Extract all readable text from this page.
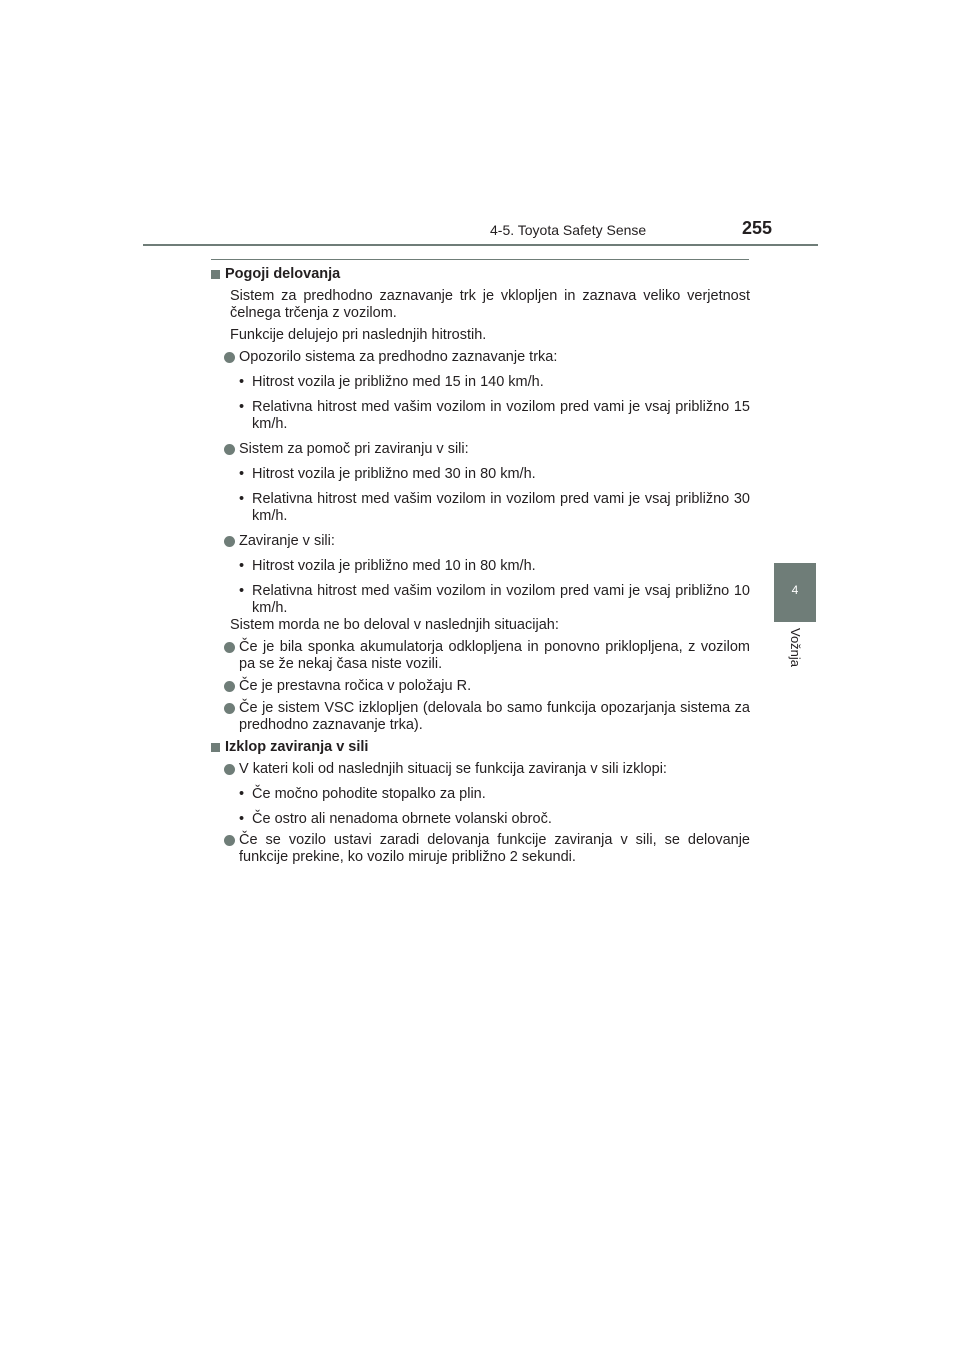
4-5. Toyota Safety Sense	255
4
Vožnja
Pogoji delovanja
Sistem za predhodno zaznavanje trk je vklopljen in zaznava veliko verjetnost čelnega trčenja z vozilom.
Funkcije delujejo pri naslednjih hitrostih.
Opozorilo sistema za predhodno zaznavanje trka:
• Hitrost vozila je približno med 15 in 140 km/h.
• Relativna hitrost med vašim vozilom in vozilom pred vami je vsaj približno 15 km/h.
Sistem za pomoč pri zaviranju v sili:
• Hitrost vozila je približno med 30 in 80 km/h.
• Relativna hitrost med vašim vozilom in vozilom pred vami je vsaj približno 30 km/h.
Zaviranje v sili:
• Hitrost vozila je približno med 10 in 80 km/h.
• Relativna hitrost med vašim vozilom in vozilom pred vami je vsaj približno 10 km/h.
Sistem morda ne bo deloval v naslednjih situacijah:
Če je bila sponka akumulatorja odklopljena in ponovno priklopljena, z vozilom pa se že nekaj časa niste vozili.
Če je prestavna ročica v položaju R.
Če je sistem VSC izklopljen (delovala bo samo funkcija opozarjanja sistema za predhodno zaznavanje trka).
Izklop zaviranja v sili
V kateri koli od naslednjih situacij se funkcija zaviranja v sili izklopi:
• Če močno pohodite stopalko za plin.
• Če ostro ali nenadoma obrnete volanski obroč.
Če se vozilo ustavi zaradi delovanja funkcije zaviranja v sili, se delovanje funkcije prekine, ko vozilo miruje približno 2 sekundi.
